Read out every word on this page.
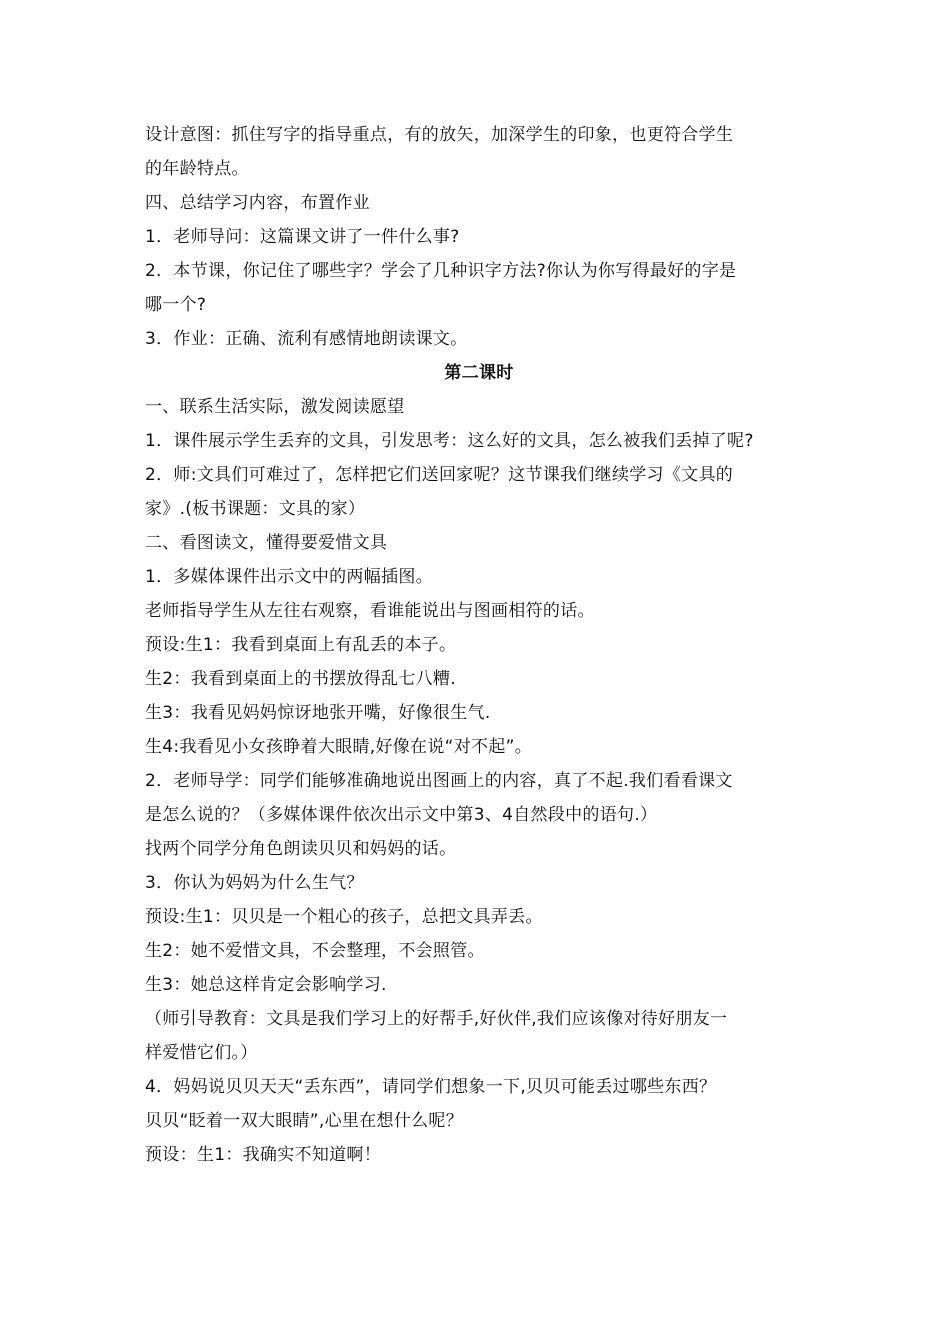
设计意图：抓住写字的指导重点，有的放矢，加深学生的印象，也更符合学生
的年龄特点。
四、总结学习内容，布置作业
1．老师导问：这篇课文讲了一件什么事?
2．本节课，你记住了哪些字？学会了几种识字方法?你认为你写得最好的字是
哪一个?
3．作业：正确、流利有感情地朗读课文。
第二课时
一、联系生活实际，激发阅读愿望
1．课件展示学生丢弃的文具，引发思考：这么好的文具，怎么被我们丢掉了呢?
2．师:文具们可难过了，怎样把它们送回家呢？这节课我们继续学习《文具的
家》.(板书课题：文具的家）
二、看图读文，懂得要爱惜文具
1．多媒体课件出示文中的两幅插图。
老师指导学生从左往右观察，看谁能说出与图画相符的话。
预设:生1：我看到桌面上有乱丢的本子。
生2：我看到桌面上的书摆放得乱七八糟.
生3：我看见妈妈惊讶地张开嘴，好像很生气.
生4:我看见小女孩睁着大眼睛,好像在说“对不起”。
2．老师导学：同学们能够准确地说出图画上的内容，真了不起.我们看看课文
是怎么说的？（多媒体课件依次出示文中第3、4自然段中的语句.）
找两个同学分角色朗读贝贝和妈妈的话。
3．你认为妈妈为什么生气？
预设:生1：贝贝是一个粗心的孩子，总把文具弄丢。
生2：她不爱惜文具，不会整理，不会照管。
生3：她总这样肯定会影响学习.
（师引导教育：文具是我们学习上的好帮手,好伙伴,我们应该像对待好朋友一
样爱惜它们。）
4．妈妈说贝贝天天“丢东西”，请同学们想象一下,贝贝可能丢过哪些东西？
贝贝“眨着一双大眼睛”,心里在想什么呢？
预设：生1：我确实不知道啊！
